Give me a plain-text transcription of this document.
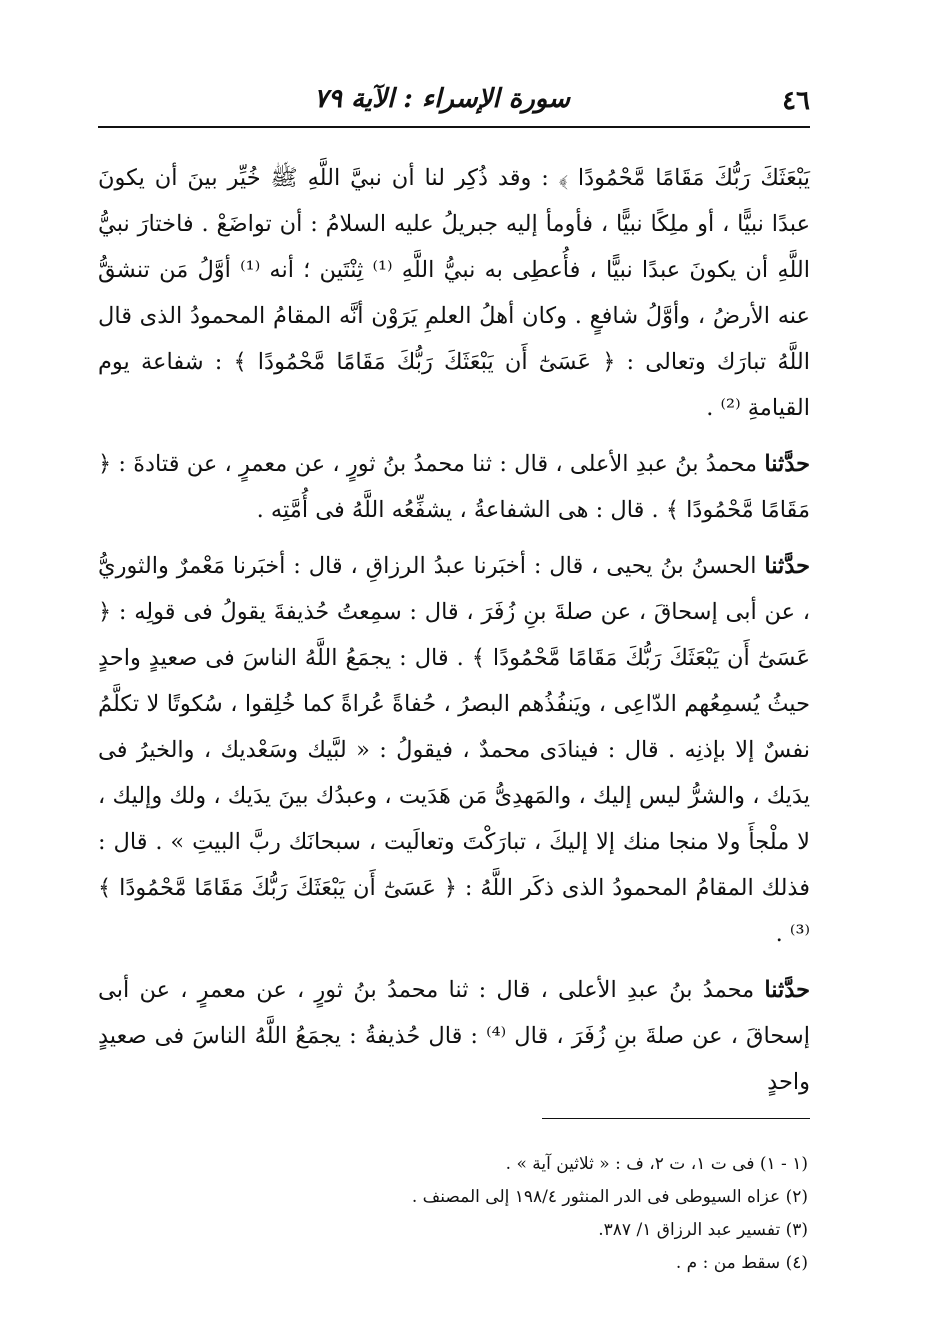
٤٦
سورة الإسراء : الآية ٧٩

يَبْعَثَكَ رَبُّكَ مَقَامًا مَّحْمُودًا ﴾ : وقد ذُكِر لنا أن نبيَّ اللَّهِ ﷺ خُيِّر بينَ أن يكونَ عبدًا نبيًّا ، أو ملِكًا نبيًّا ، فأومأ إليه جبريلُ عليه السلامُ : أن تواضَعْ . فاختارَ نبيُّ اللَّهِ أن يكونَ عبدًا نبيًّا ، فأُعطِى به نبيُّ اللَّهِ ⁽¹⁾ ثِنْتَين ؛ أنه ⁽¹⁾ أوَّلُ مَن تنشقُّ عنه الأرضُ ، وأوَّلُ شافعٍ . وكان أهلُ العلمِ يَرَوْن أنَّه المقامُ المحمودُ الذى قال اللَّهُ تبارَك وتعالى : ﴿ عَسَىٰٓ أَن يَبْعَثَكَ رَبُّكَ مَقَامًا مَّحْمُودًا ﴾ : شفاعة يوم القيامةِ ⁽²⁾ .

حدَّثنا محمدُ بنُ عبدِ الأعلى ، قال : ثنا محمدُ بنُ ثورٍ ، عن معمرٍ ، عن قتادةَ : ﴿ مَقَامًا مَّحْمُودًا ﴾ . قال : هى الشفاعةُ ، يشفِّعُه اللَّهُ فى أُمَّتِه .

حدَّثنا الحسنُ بنُ يحيى ، قال : أخبَرنا عبدُ الرزاقِ ، قال : أخبَرنا مَعْمرٌ والثوريُّ ، عن أبى إسحاقَ ، عن صلةَ بنِ زُفَرَ ، قال : سمِعتُ حُذيفةَ يقولُ فى قولِه : ﴿ عَسَىٰٓ أَن يَبْعَثَكَ رَبُّكَ مَقَامًا مَّحْمُودًا ﴾ . قال : يجمَعُ اللَّهُ الناسَ فى صعيدٍ واحدٍ حيثُ يُسمِعُهم الدّاعِى ، ويَنفُذُهم البصرُ ، حُفاةً عُراةً كما خُلِقوا ، سُكوتًا لا تكلَّمُ نفسٌ إلا بإذنِه . قال : فينادَى محمدٌ ، فيقولُ : « لبَّيك وسَعْديك ، والخيرُ فى يدَيك ، والشرُّ ليس إليك ، والمَهدِىُّ مَن هَدَيت ، وعبدُك بينَ يدَيك ، ولك وإليك ، لا ملْجأَ ولا منجا منك إلا إليكَ ، تبارَكْتَ وتعالَيت ، سبحانَك ربَّ البيتِ » . قال : فذلك المقامُ المحمودُ الذى ذكَر اللَّهُ : ﴿ عَسَىٰٓ أَن يَبْعَثَكَ رَبُّكَ مَقَامًا مَّحْمُودًا ﴾ ⁽³⁾ .

حدَّثنا محمدُ بنُ عبدِ الأعلى ، قال : ثنا محمدُ بنُ ثورٍ ، عن معمرٍ ، عن أبى إسحاقَ ، عن صلةَ بنِ زُفَرَ ، قال ⁽⁴⁾ : قال حُذيفةُ : يجمَعُ اللَّهُ الناسَ فى صعيدٍ واحدٍ

(١ - ١) فى ت ١، ت ٢، ف : « ثلاثين آية » .

(٢) عزاه السيوطى فى الدر المنثور ١٩٨/٤ إلى المصنف .

(٣) تفسير عبد الرزاق ١/ ٣٨٧.

(٤) سقط من : م .
